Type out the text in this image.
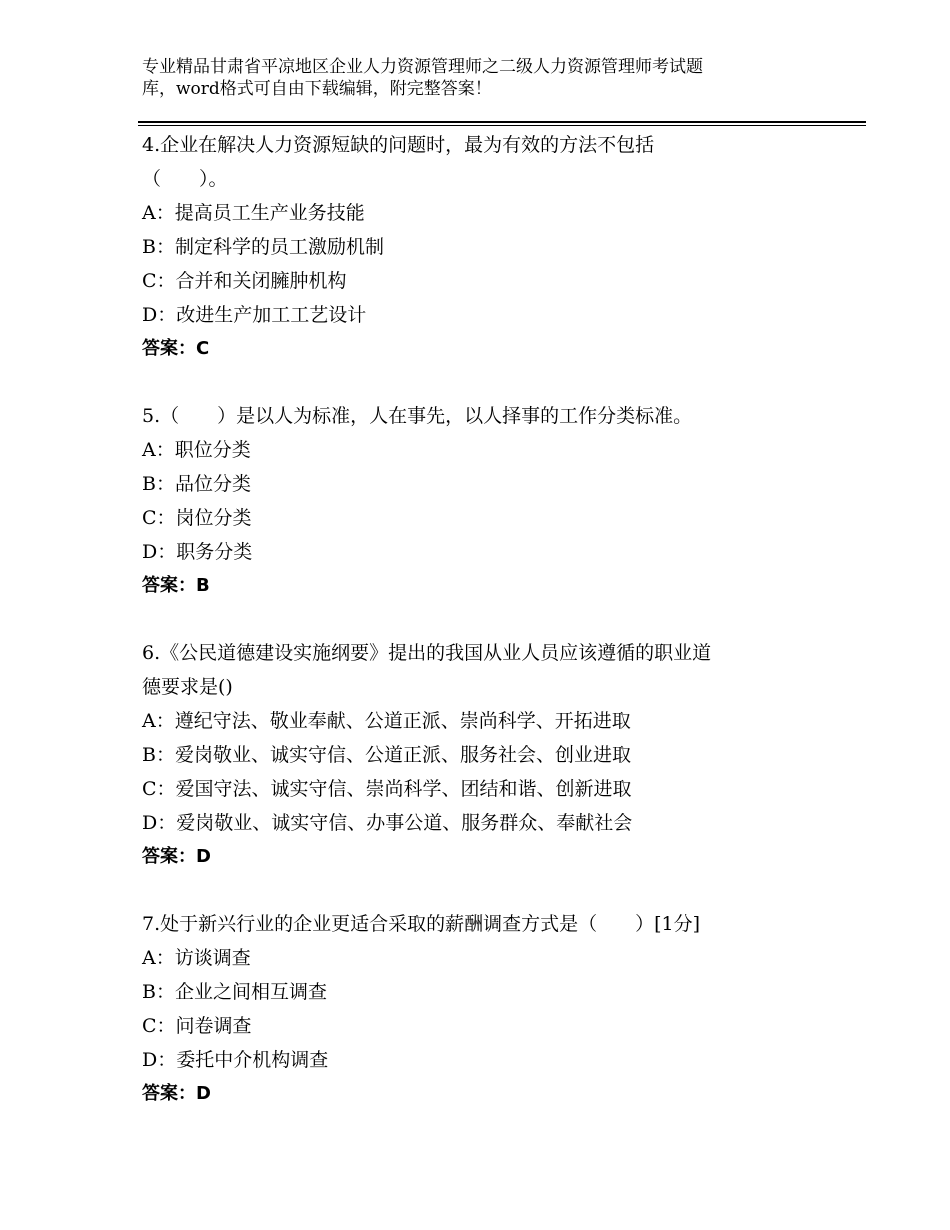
专业精品甘肃省平凉地区企业人力资源管理师之二级人力资源管理师考试题
库，word格式可自由下载编辑，附完整答案！
4.企业在解决人力资源短缺的问题时，最为有效的方法不包括
（　　）。
A：提高员工生产业务技能
B：制定科学的员工激励机制
C：合并和关闭臃肿机构
D：改进生产加工工艺设计
答案：C
5.（　　）是以人为标准，人在事先，以人择事的工作分类标准。
A：职位分类
B：品位分类
C：岗位分类
D：职务分类
答案：B
6.《公民道德建设实施纲要》提出的我国从业人员应该遵循的职业道
德要求是()
A：遵纪守法、敬业奉献、公道正派、崇尚科学、开拓进取
B：爱岗敬业、诚实守信、公道正派、服务社会、创业进取
C：爱国守法、诚实守信、崇尚科学、团结和谐、创新进取
D：爱岗敬业、诚实守信、办事公道、服务群众、奉献社会
答案：D
7.处于新兴行业的企业更适合采取的薪酬调查方式是（　　）[1分]
A：访谈调查
B：企业之间相互调查
C：问卷调查
D：委托中介机构调查
答案：D
